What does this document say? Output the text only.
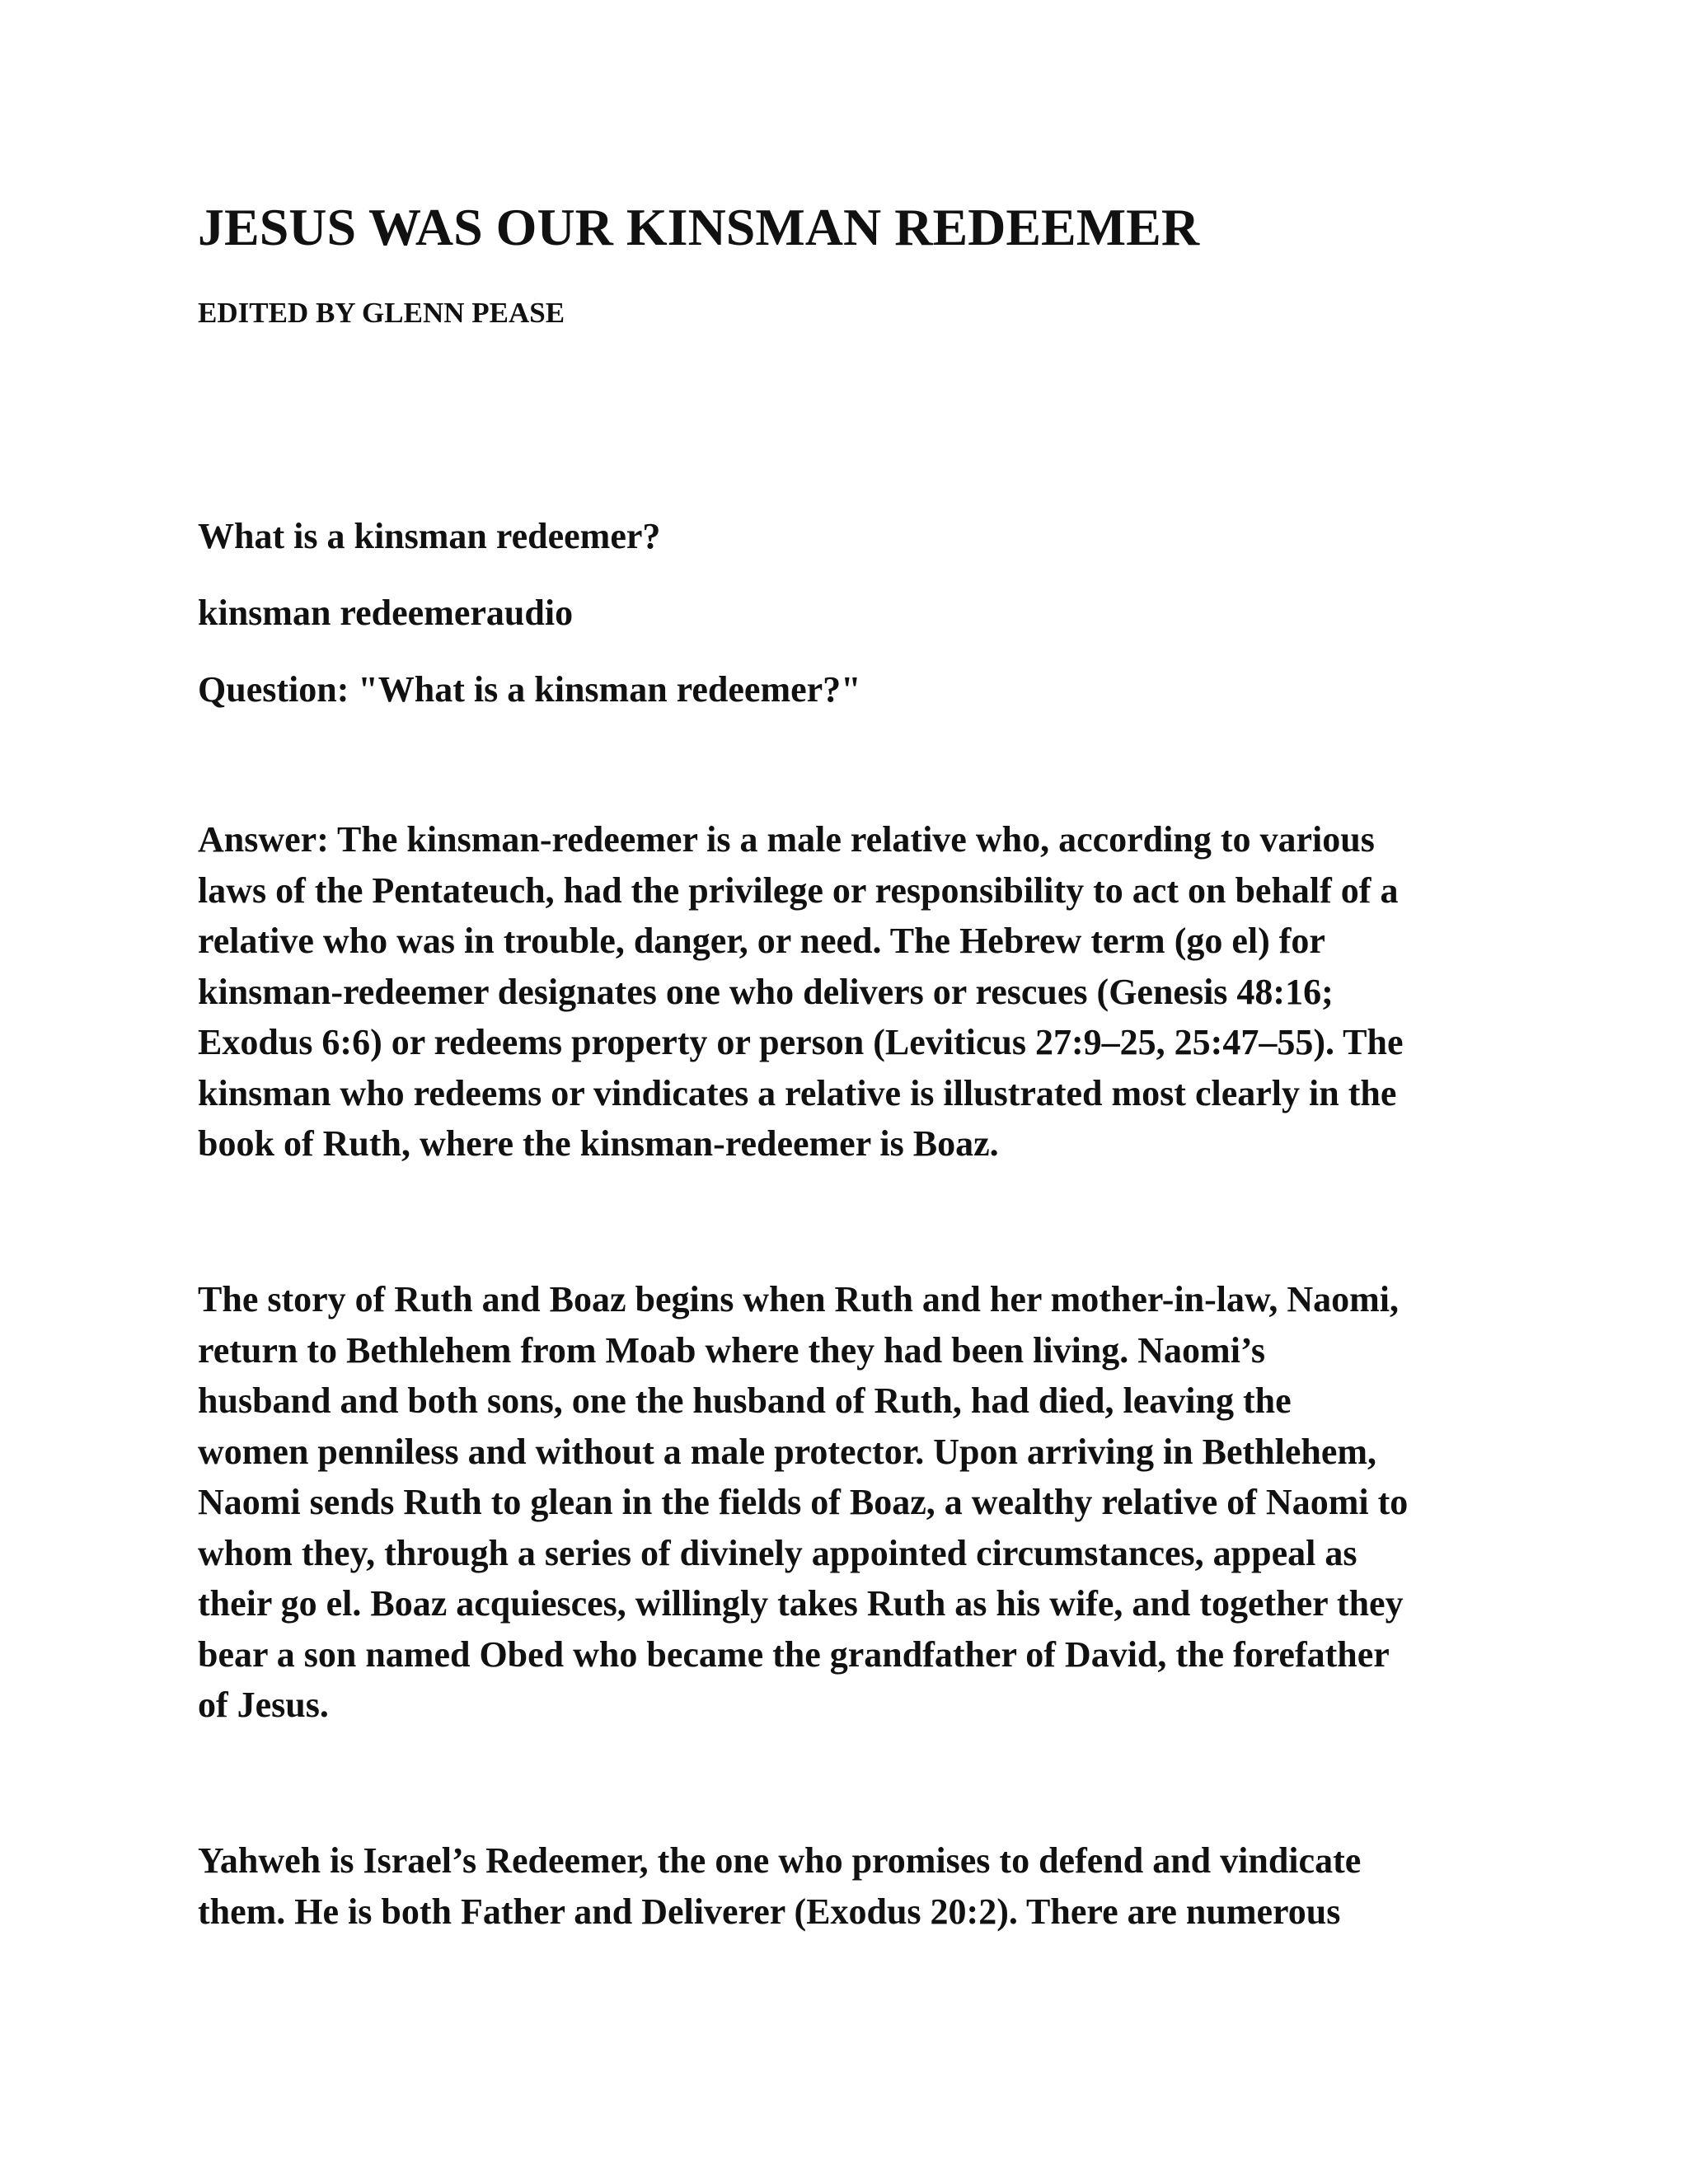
JESUS WAS OUR KINSMAN REDEEMER
EDITED BY GLENN PEASE
What is a kinsman redeemer?
kinsman redeemeraudio
Question: "What is a kinsman redeemer?"
Answer: The kinsman-redeemer is a male relative who, according to various
laws of the Pentateuch, had the privilege or responsibility to act on behalf of a
relative who was in trouble, danger, or need. The Hebrew term (go el) for
kinsman-redeemer designates one who delivers or rescues (Genesis 48:16;
Exodus 6:6) or redeems property or person (Leviticus 27:9–25, 25:47–55). The
kinsman who redeems or vindicates a relative is illustrated most clearly in the
book of Ruth, where the kinsman-redeemer is Boaz.
The story of Ruth and Boaz begins when Ruth and her mother-in-law, Naomi,
return to Bethlehem from Moab where they had been living. Naomi’s
husband and both sons, one the husband of Ruth, had died, leaving the
women penniless and without a male protector. Upon arriving in Bethlehem,
Naomi sends Ruth to glean in the fields of Boaz, a wealthy relative of Naomi to
whom they, through a series of divinely appointed circumstances, appeal as
their go el. Boaz acquiesces, willingly takes Ruth as his wife, and together they
bear a son named Obed who became the grandfather of David, the forefather
of Jesus.
Yahweh is Israel’s Redeemer, the one who promises to defend and vindicate
them. He is both Father and Deliverer (Exodus 20:2). There are numerous
